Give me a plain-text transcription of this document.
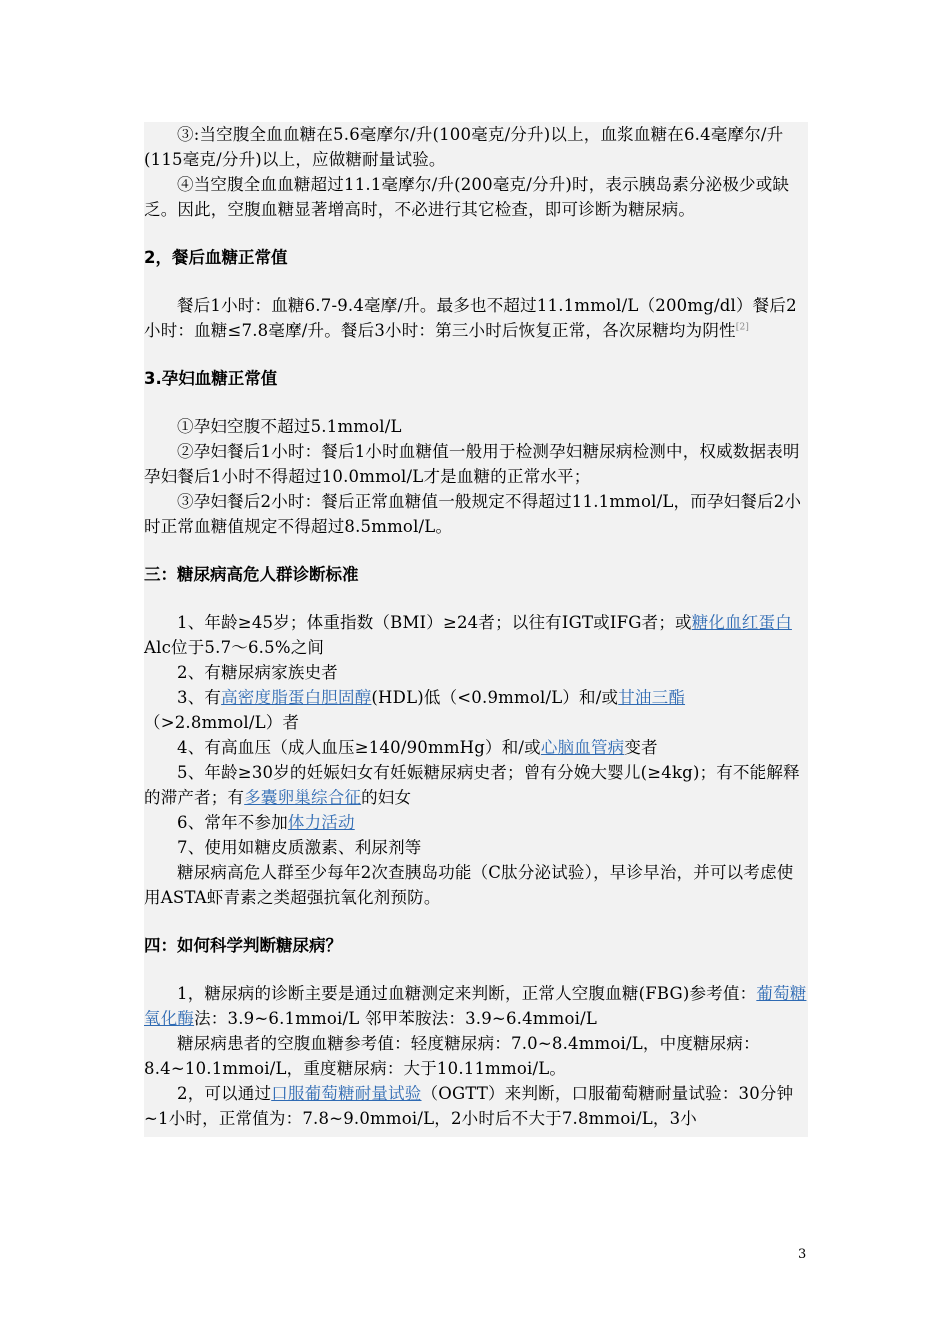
③:当空腹全血血糖在5.6毫摩尔/升(100毫克/分升)以上，血浆血糖在6.4毫摩尔/升(115毫克/分升)以上，应做糖耐量试验。

④当空腹全血血糖超过11.1毫摩尔/升(200毫克/分升)时，表示胰岛素分泌极少或缺乏。因此，空腹血糖显著增高时，不必进行其它检查，即可诊断为糖尿病。

2，餐后血糖正常值

餐后1小时：血糖6.7-9.4毫摩/升。最多也不超过11.1mmol/L（200mg/dl）餐后2小时：血糖≤7.8毫摩/升。餐后3小时：第三小时后恢复正常，各次尿糖均为阴性[2]

3.孕妇血糖正常值

①孕妇空腹不超过5.1mmol/L

②孕妇餐后1小时：餐后1小时血糖值一般用于检测孕妇糖尿病检测中，权威数据表明孕妇餐后1小时不得超过10.0mmol/L才是血糖的正常水平；

③孕妇餐后2小时：餐后正常血糖值一般规定不得超过11.1mmol/L，而孕妇餐后2小时正常血糖值规定不得超过8.5mmol/L。

三：糖尿病高危人群诊断标准

1、年龄≥45岁；体重指数（BMI）≥24者；以往有IGT或IFG者；或糖化血红蛋白Alc位于5.7～6.5%之间

2、有糖尿病家族史者

3、有高密度脂蛋白胆固醇(HDL)低（<0.9mmol/L）和/或甘油三酯（>2.8mmol/L）者

4、有高血压（成人血压≥140/90mmHg）和/或心脑血管病变者

5、年龄≥30岁的妊娠妇女有妊娠糖尿病史者；曾有分娩大婴儿(≥4kg)；有不能解释的滞产者；有多囊卵巢综合征的妇女

6、常年不参加体力活动

7、使用如糖皮质激素、利尿剂等

糖尿病高危人群至少每年2次查胰岛功能（C肽分泌试验），早诊早治，并可以考虑使用ASTA虾青素之类超强抗氧化剂预防。

四：如何科学判断糖尿病？

1，糖尿病的诊断主要是通过血糖测定来判断，正常人空腹血糖(FBG)参考值：葡萄糖氧化酶法：3.9~6.1mmoi/L 邻甲苯胺法：3.9~6.4mmoi/L

糖尿病患者的空腹血糖参考值：轻度糖尿病：7.0~8.4mmoi/L，中度糖尿病：8.4~10.1mmoi/L，重度糖尿病：大于10.11mmoi/L。

2，可以通过口服葡萄糖耐量试验（OGTT）来判断，口服葡萄糖耐量试验：30分钟~1小时，正常值为：7.8~9.0mmoi/L，2小时后不大于7.8mmoi/L，3小

3
